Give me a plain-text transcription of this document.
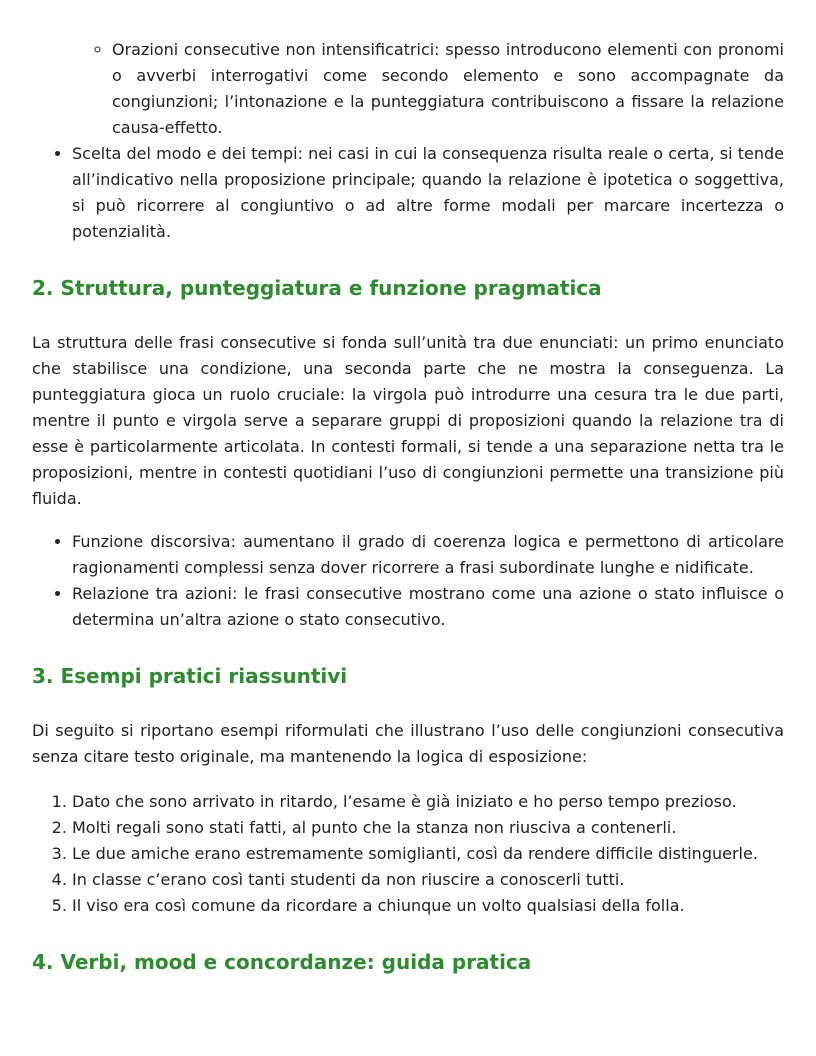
◦ Orazioni consecutive non intensificatrici: spesso introducono elementi con pronomi o avverbi interrogativi come secondo elemento e sono accompagnate da congiunzioni; l’intonazione e la punteggiatura contribuiscono a fissare la relazione causa-effetto.
• Scelta del modo e dei tempi: nei casi in cui la consequenza risulta reale o certa, si tende all’indicativo nella proposizione principale; quando la relazione è ipotetica o soggettiva, si può ricorrere al congiuntivo o ad altre forme modali per marcare incertezza o potenzialità.
2. Struttura, punteggiatura e funzione pragmatica

La struttura delle frasi consecutive si fonda sull’unità tra due enunciati: un primo enunciato che stabilisce una condizione, una seconda parte che ne mostra la conseguenza. La punteggiatura gioca un ruolo cruciale: la virgola può introdurre una cesura tra le due parti, mentre il punto e virgola serve a separare gruppi di proposizioni quando la relazione tra di esse è particolarmente articolata. In contesti formali, si tende a una separazione netta tra le proposizioni, mentre in contesti quotidiani l’uso di congiunzioni permette una transizione più fluida.

• Funzione discorsiva: aumentano il grado di coerenza logica e permettono di articolare ragionamenti complessi senza dover ricorrere a frasi subordinate lunghe e nidificate.
• Relazione tra azioni: le frasi consecutive mostrano come una azione o stato influisce o determina un’altra azione o stato consecutivo.
3. Esempi pratici riassuntivi

Di seguito si riportano esempi riformulati che illustrano l’uso delle congiunzioni consecutiva senza citare testo originale, ma mantenendo la logica di esposizione:

1. Dato che sono arrivato in ritardo, l’esame è già iniziato e ho perso tempo prezioso.
2. Molti regali sono stati fatti, al punto che la stanza non riusciva a contenerli.
3. Le due amiche erano estremamente somiglianti, così da rendere difficile distinguerle.
4. In classe c’erano così tanti studenti da non riuscire a conoscerli tutti.
5. Il viso era così comune da ricordare a chiunque un volto qualsiasi della folla.
4. Verbi, mood e concordanze: guida pratica
